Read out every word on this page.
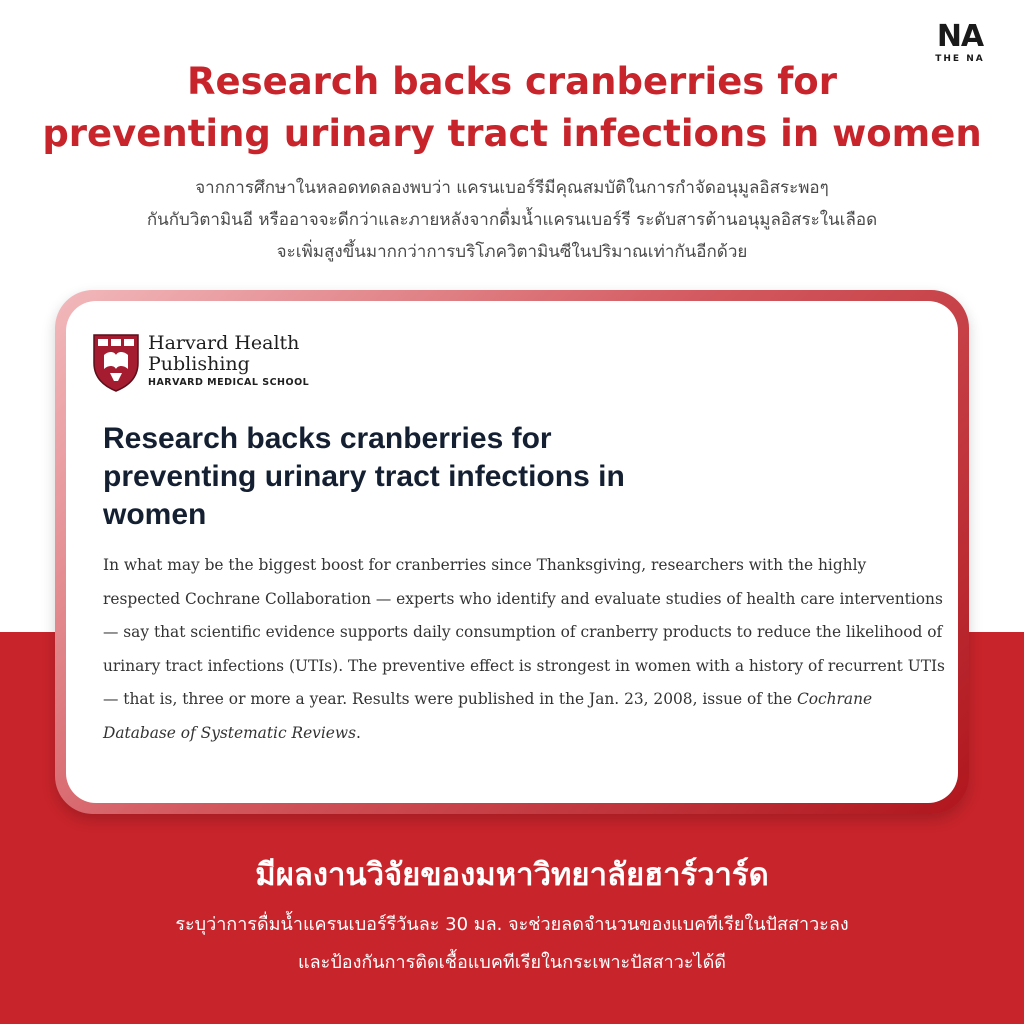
NA
THE NA
Research backs cranberries for
preventing urinary tract infections in women

จากการศึกษาในหลอดทดลองพบว่า แครนเบอร์รีมีคุณสมบัติในการกำจัดอนุมูลอิสระพอๆ
กันกับวิตามินอี หรืออาจจะดีกว่าและภายหลังจากดื่มน้ำแครนเบอร์รี ระดับสารต้านอนุมูลอิสระในเลือด
จะเพิ่มสูงขึ้นมากกว่าการบริโภควิตามินซีในปริมาณเท่ากันอีกด้วย

Harvard Health
Publishing
HARVARD MEDICAL SCHOOL
Research backs cranberries for
preventing urinary tract infections in
women

In what may be the biggest boost for cranberries since Thanksgiving, researchers with the highly respected Cochrane Collaboration — experts who identify and evaluate studies of health care interventions — say that scientific evidence supports daily consumption of cranberry products to reduce the likelihood of urinary tract infections (UTIs). The preventive effect is strongest in women with a history of recurrent UTIs — that is, three or more a year. Results were published in the Jan. 23, 2008, issue of the Cochrane Database of Systematic Reviews.

มีผลงานวิจัยของมหาวิทยาลัยฮาร์วาร์ด

ระบุว่าการดื่มน้ำแครนเบอร์รีวันละ 30 มล. จะช่วยลดจำนวนของแบคทีเรียในปัสสาวะลง
และป้องกันการติดเชื้อแบคทีเรียในกระเพาะปัสสาวะได้ดี
